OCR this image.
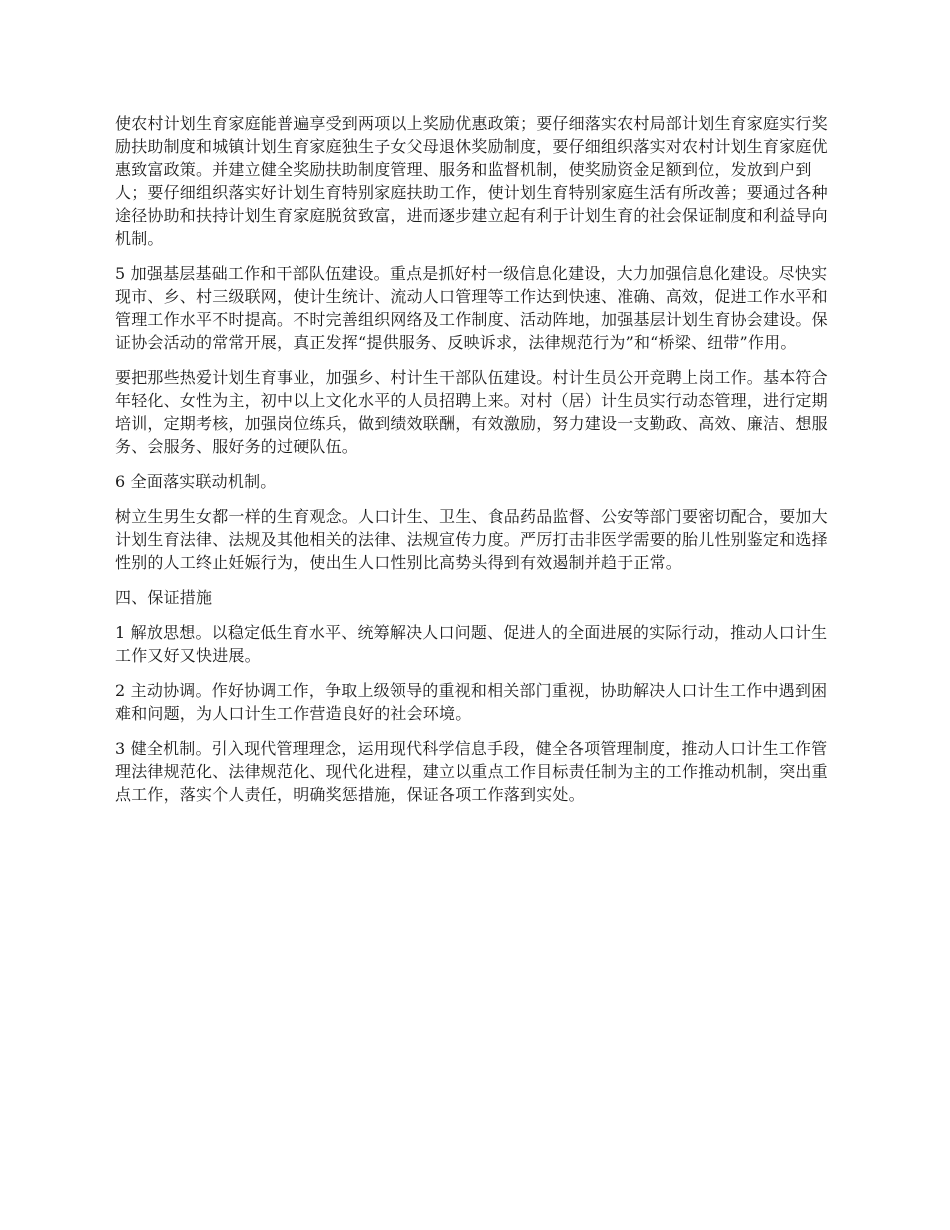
使农村计划生育家庭能普遍享受到两项以上奖励优惠政策；要仔细落实农村局部计划生育家庭实行奖励扶助制度和城镇计划生育家庭独生子女父母退休奖励制度，要仔细组织落实对农村计划生育家庭优惠致富政策。并建立健全奖励扶助制度管理、服务和监督机制，使奖励资金足额到位，发放到户到人；要仔细组织落实好计划生育特别家庭扶助工作，使计划生育特别家庭生活有所改善；要通过各种途径协助和扶持计划生育家庭脱贫致富，进而逐步建立起有利于计划生育的社会保证制度和利益导向机制。

5 加强基层基础工作和干部队伍建设。重点是抓好村一级信息化建设，大力加强信息化建设。尽快实现市、乡、村三级联网，使计生统计、流动人口管理等工作达到快速、准确、高效，促进工作水平和管理工作水平不时提高。不时完善组织网络及工作制度、活动阵地，加强基层计划生育协会建设。保证协会活动的常常开展，真正发挥“提供服务、反映诉求，法律规范行为”和“桥梁、纽带”作用。

要把那些热爱计划生育事业，加强乡、村计生干部队伍建设。村计生员公开竞聘上岗工作。基本符合年轻化、女性为主，初中以上文化水平的人员招聘上来。对村（居）计生员实行动态管理，进行定期培训，定期考核，加强岗位练兵，做到绩效联酬，有效激励，努力建设一支勤政、高效、廉洁、想服务、会服务、服好务的过硬队伍。

6 全面落实联动机制。

树立生男生女都一样的生育观念。人口计生、卫生、食品药品监督、公安等部门要密切配合，要加大计划生育法律、法规及其他相关的法律、法规宣传力度。严厉打击非医学需要的胎儿性别鉴定和选择性别的人工终止妊娠行为，使出生人口性别比高势头得到有效遏制并趋于正常。

四、保证措施

1 解放思想。以稳定低生育水平、统筹解决人口问题、促进人的全面进展的实际行动，推动人口计生工作又好又快进展。

2 主动协调。作好协调工作，争取上级领导的重视和相关部门重视，协助解决人口计生工作中遇到困难和问题，为人口计生工作营造良好的社会环境。

3 健全机制。引入现代管理理念，运用现代科学信息手段，健全各项管理制度，推动人口计生工作管理法律规范化、法律规范化、现代化进程，建立以重点工作目标责任制为主的工作推动机制，突出重点工作，落实个人责任，明确奖惩措施，保证各项工作落到实处。
